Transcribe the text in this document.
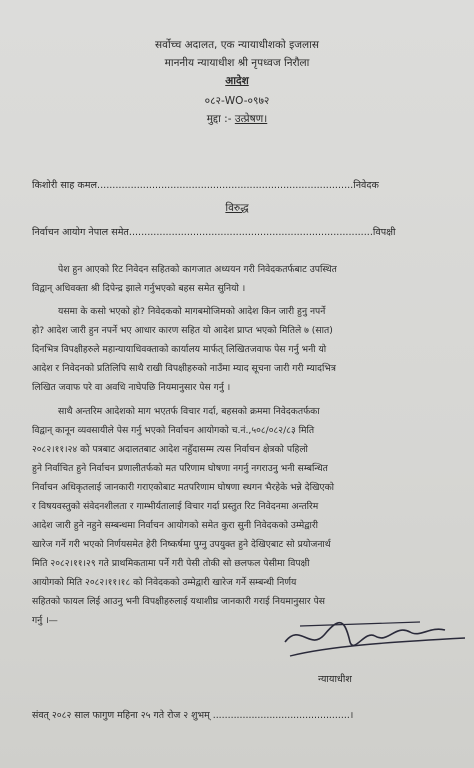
सर्वोच्च अदालत, एक न्यायाधीशको इजलास
माननीय न्यायाधीश श्री नृपध्वज निरौला
आदेश
०८२-WO-०९७२
मुद्दा :- उत्प्रेषण।
किशोरी साह कमल....................................................................................निवेदक
विरुद्ध
निर्वाचन आयोग नेपाल समेत................................................................................विपक्षी
पेश हुन आएको रिट निवेदन सहितको कागजात अध्ययन गरी निवेदकतर्फबाट उपस्थित
विद्वान् अधिवक्ता श्री दिपेन्द्र झाले गर्नुभएको बहस समेत सुनियो ।
यसमा के कसो भएको हो? निवेदकको मागबमोजिमको आदेश किन जारी हुनु नपर्ने
हो? आदेश जारी हुन नपर्ने भए आधार कारण सहित यो आदेश प्राप्त भएको मितिले ७ (सात)
दिनभित्र विपक्षीहरुले महान्यायाधिवक्ताको कार्यालय मार्फत् लिखितजवाफ पेस गर्नु भनी यो
आदेश र निवेदनको प्रतिलिपि साथै राखी विपक्षीहरुको नाउँमा म्याद सूचना जारी गरी म्यादभित्र
लिखित जवाफ परे वा अवधि नाघेपछि नियमानुसार पेस गर्नु ।
साथै अन्तरिम आदेशको माग भएतर्फ विचार गर्दा, बहसको क्रममा निवेदकतर्फका
विद्वान् कानून व्यवसायीले पेस गर्नु भएको निर्वाचन आयोगको च.नं.,५०८/०८२/८३ मिति
२०८२।११।२४ को पत्रबाट अदालतबाट आदेश नहुँदासम्म त्यस निर्वाचन क्षेत्रको पहिलो
हुने निर्वाचित हुने निर्वाचन प्रणालीतर्फको मत परिणाम घोषणा नगर्नु नगराउनु भनी सम्बन्धित
निर्वाचन अधिकृतलाई जानकारी गराएकोबाट मतपरिणाम घोषणा स्थगन भैरहेके भन्ने देखिएको
र विषयवस्तुको संवेदनशीलता र गाम्भीर्यतालाई विचार गर्दा प्रस्तुत रिट निवेदनमा अन्तरिम
आदेश जारी हुने नहुने सम्बन्धमा निर्वाचन आयोगको समेत कुरा सुनी निवेदकको उम्मेद्वारी
खारेज गर्ने गरी भएको निर्णयसमेत हेरी निष्कर्षमा पुग्नु उपयुक्त हुने देखिएबाट सो प्रयोजनार्थ
मिति २०८२।११।२९ गते प्राथमिकतामा पर्ने गरी पेसी तोकी सो छलफल पेसीमा विपक्षी
आयोगको मिति २०८२।११।१८ को निवेदकको उम्मेद्वारी खारेज गर्ने सम्बन्धी निर्णय
सहितको फायल लिई आउनु भनी विपक्षीहरुलाई यथाशीघ्र जानकारी गराई नियमानुसार पेस
गर्नु ।—
न्यायाधीश
संवत् २०८२ साल फागुण महिना २५ गते रोज २ शुभम् ..............................................।
